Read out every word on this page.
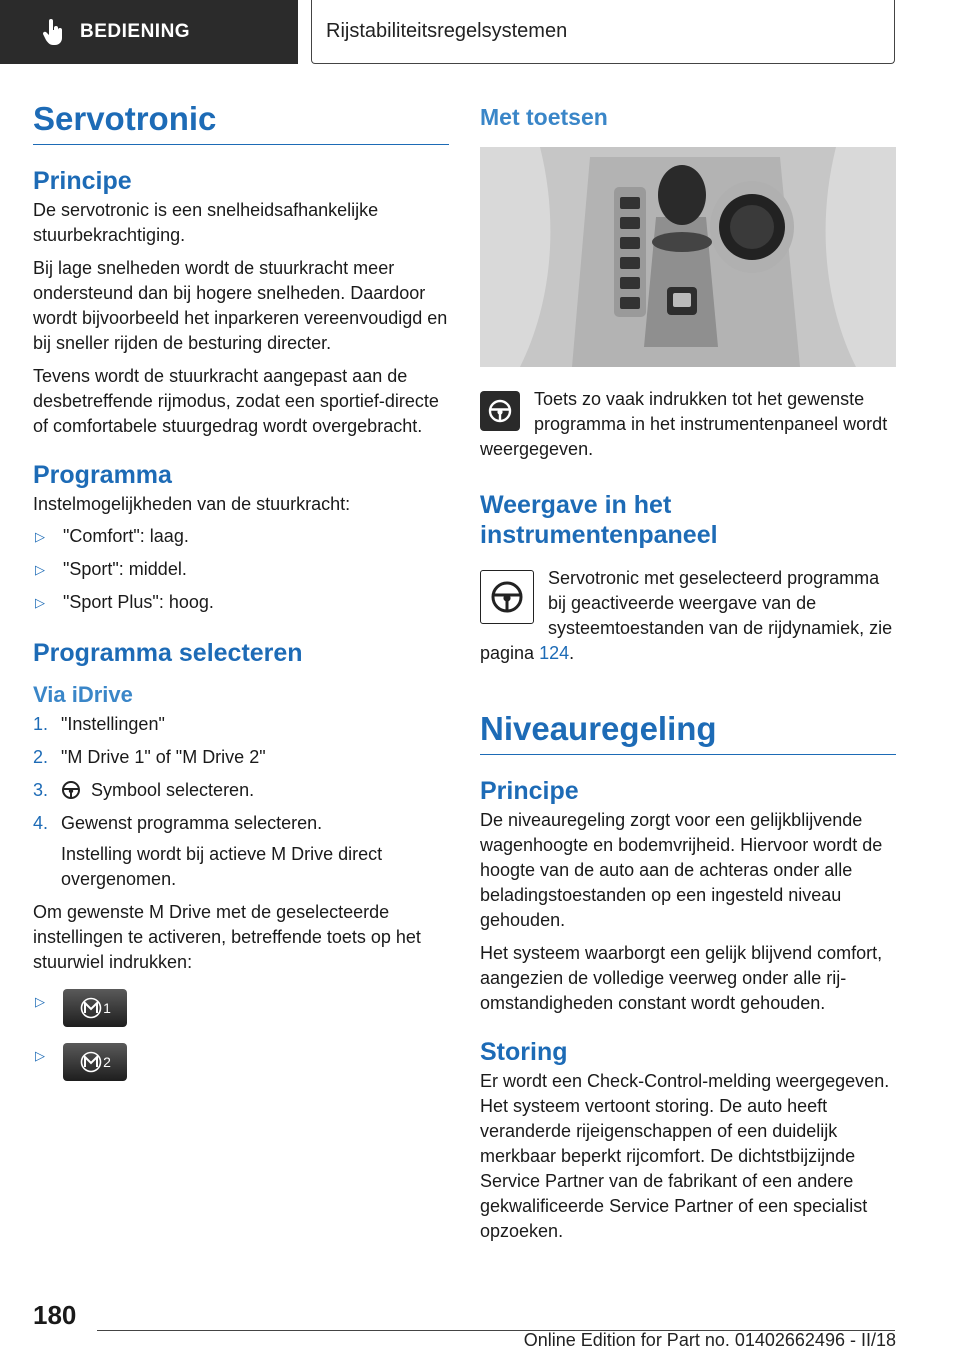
BEDIENING	Rijstabiliteitsregelsystemen
Servotronic
Principe

De servotronic is een snelheidsafhankelijke stuurbekrachtiging.

Bij lage snelheden wordt de stuurkracht meer ondersteund dan bij hogere snelheden. Daardoor wordt bijvoorbeeld het inparkeren vereenvoudigd en bij sneller rijden de besturing directer.

Tevens wordt de stuurkracht aangepast aan de desbetreffende rijmodus, zodat een sportief-directe of comfortabele stuurgedrag wordt overgebracht.

Programma

Instelmogelijkheden van de stuurkracht:

▷	"Comfort": laag.
▷	"Sport": middel.
▷	"Sport Plus": hoog.
Programma selecteren
Via iDrive
1. "Instellingen"
2. "M Drive 1" of "M Drive 2"
3.	Symbool selecteren.
4. Gewenst programma selecteren.

Instelling wordt bij actieve M Drive direct overgenomen.

Om gewenste M Drive met de geselecteerde instellingen te activeren, betreffende toets op het stuurwiel indrukken:

▷	1
▷	2
Met toetsen

Toets zo vaak indrukken tot het gewenste programma in het instrumentenpaneel wordt weergegeven.

Weergave in het instrumentenpaneel

Servotronic met geselecteerd programma bij geactiveerde weergave van de systeemtoestanden van de rijdynamiek, zie pagina 124.

Niveauregeling
Principe

De niveauregeling zorgt voor een gelijkblijvende wagenhoogte en bodemvrijheid. Hiervoor wordt de hoogte van de auto aan de achteras onder alle beladingstoestanden op een ingesteld niveau gehouden.

Het systeem waarborgt een gelijk blijvend comfort, aangezien de volledige veerweg onder alle rij-omstandigheden constant wordt gehouden.

Storing

Er wordt een Check-Control-melding weergegeven. Het systeem vertoont storing. De auto heeft veranderde rijeigenschappen of een duidelijk merkbaar beperkt rijcomfort. De dichtstbijzijnde Service Partner van de fabrikant of een andere gekwalificeerde Service Partner of een specialist opzoeken.

180
Online Edition for Part no. 01402662496 - II/18
